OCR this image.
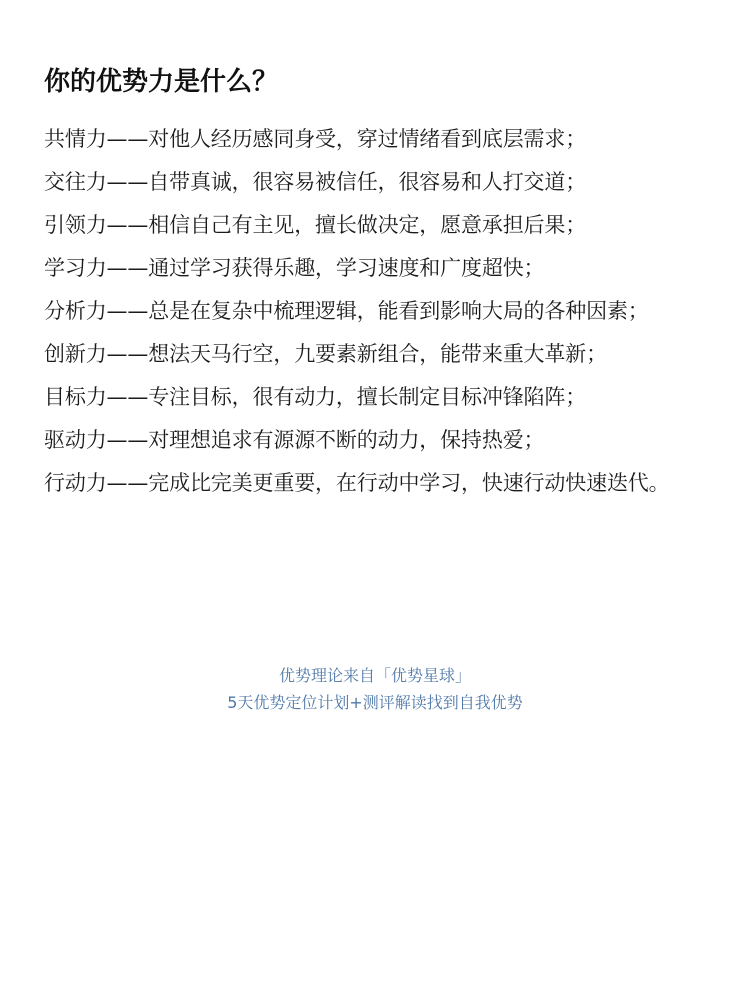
你的优势力是什么？
共情力——对他人经历感同身受，穿过情绪看到底层需求；
交往力——自带真诚，很容易被信任，很容易和人打交道；
引领力——相信自己有主见，擅长做决定，愿意承担后果；
学习力——通过学习获得乐趣，学习速度和广度超快；
分析力——总是在复杂中梳理逻辑，能看到影响大局的各种因素；
创新力——想法天马行空，九要素新组合，能带来重大革新；
目标力——专注目标，很有动力，擅长制定目标冲锋陷阵；
驱动力——对理想追求有源源不断的动力，保持热爱；
行动力——完成比完美更重要，在行动中学习，快速行动快速迭代。
优势理论来自「优势星球」
5天优势定位计划+测评解读找到自我优势
